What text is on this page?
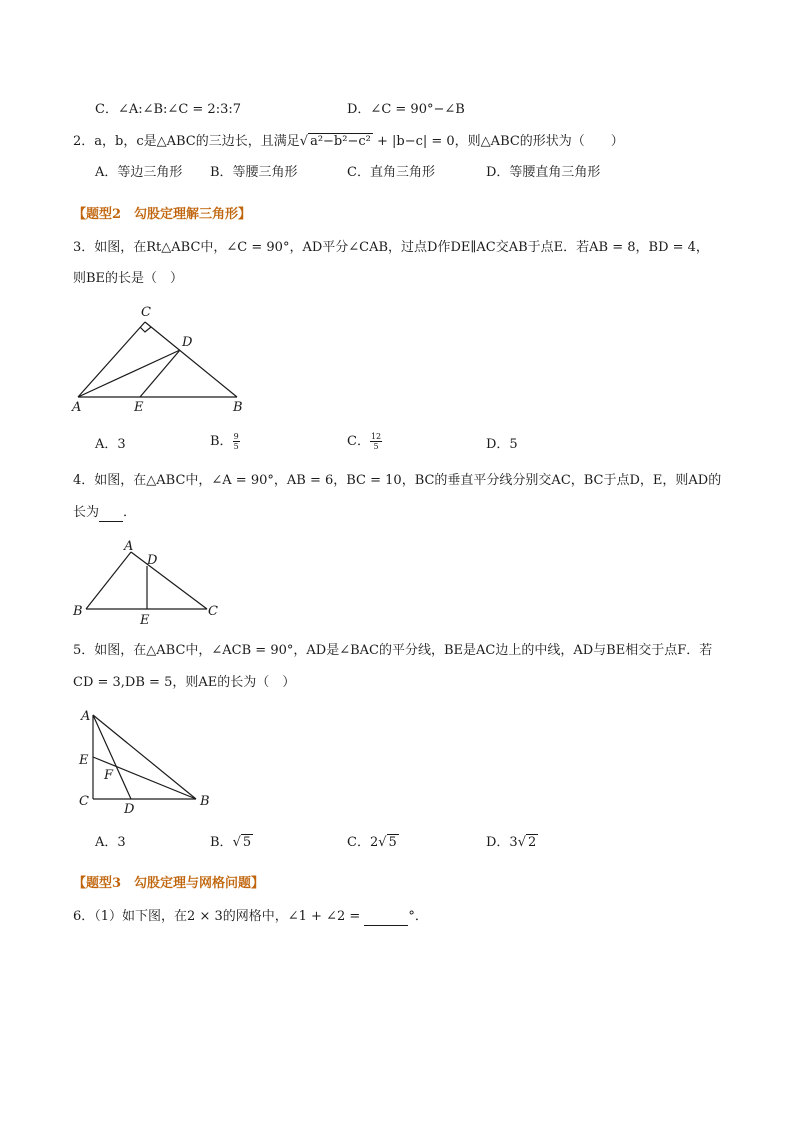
C．∠A:∠B:∠C = 2:3:7	D．∠C = 90°−∠B
2．a，b，c是△ABC的三边长，且满足√ a²−b²−c² + |b−c| = 0，则△ABC的形状为（　　）
A．等边三角形 B．等腰三角形	C．直角三角形	D．等腰直角三角形
【题型2　勾股定理解三角形】
3．如图，在Rt△ABC中，∠C = 90°，AD平分∠CAB，过点D作DE∥AC交AB于点E．若AB = 8，BD = 4，
则BE的长是（　）
C
D
A	E	B
A．3	B． $\frac{9}{5}$	C． $\frac{12}{5}$	D．5
4．如图，在△ABC中，∠A = 90°，AB = 6，BC = 10，BC的垂直平分线分别交AC，BC于点D，E，则AD的
长为 ．
A
D
B
E
C
5．如图，在△ABC中，∠ACB = 90°，AD是∠BAC的平分线，BE是AC边上的中线，AD与BE相交于点F．若
CD = 3,DB = 5，则AE的长为（　）
A
E
F
C
D
B
A．3	B．√ 5	C．2√ 5	D．3√ 2
【题型3　勾股定理与网格问题】
6．（1）如下图，在2 × 3的网格中，∠1 + ∠2 =	°．
